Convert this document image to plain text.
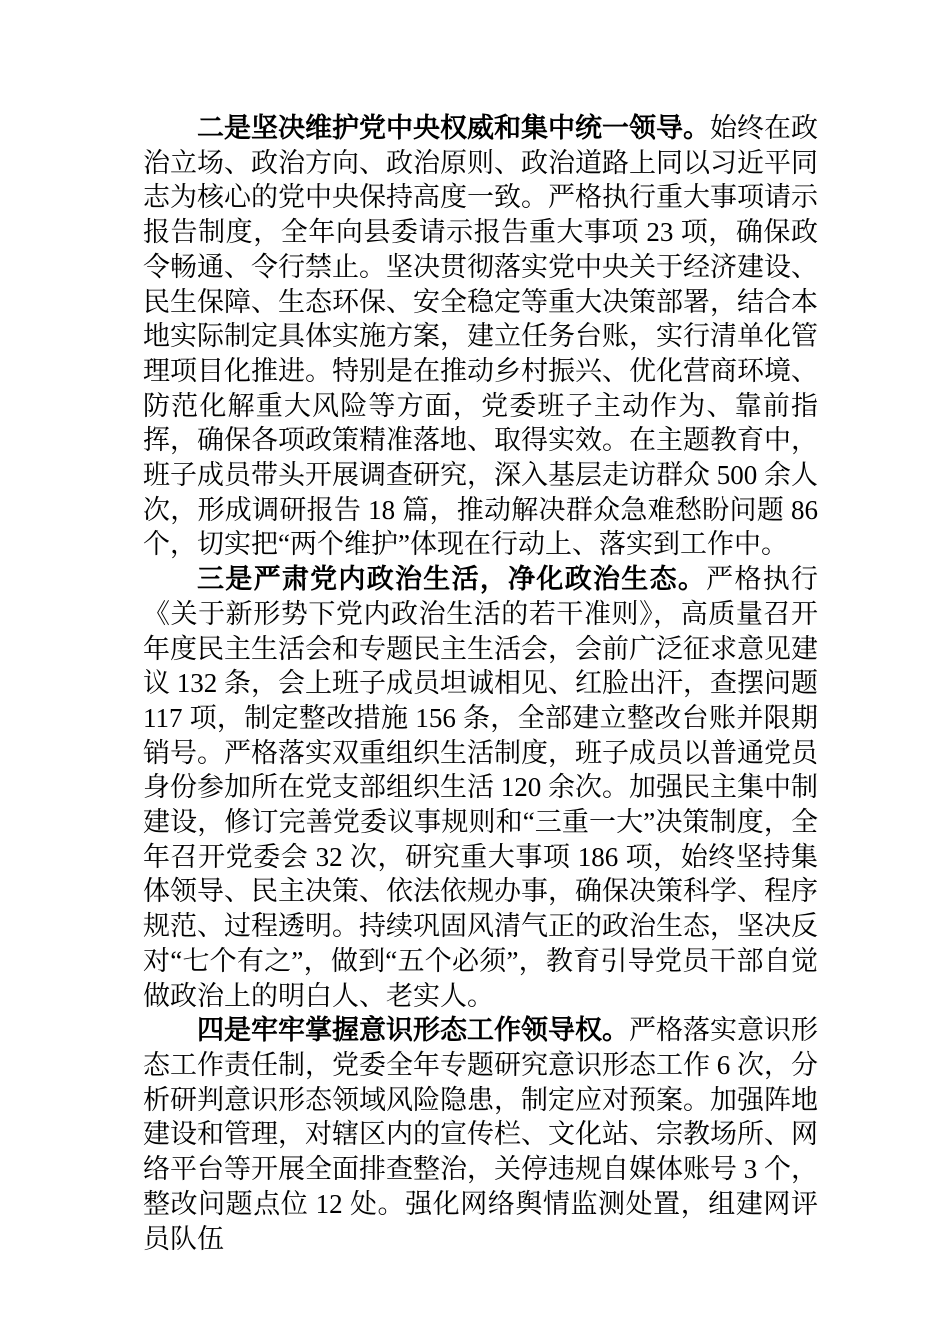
二是坚决维护党中央权威和集中统一领导。始终在政治立场、政治方向、政治原则、政治道路上同以习近平同志为核心的党中央保持高度一致。严格执行重大事项请示报告制度，全年向县委请示报告重大事项 23 项，确保政令畅通、令行禁止。坚决贯彻落实党中央关于经济建设、民生保障、生态环保、安全稳定等重大决策部署，结合本地实际制定具体实施方案，建立任务台账，实行清单化管理项目化推进。特别是在推动乡村振兴、优化营商环境、防范化解重大风险等方面，党委班子主动作为、靠前指挥，确保各项政策精准落地、取得实效。在主题教育中，班子成员带头开展调查研究，深入基层走访群众 500 余人次，形成调研报告 18 篇，推动解决群众急难愁盼问题 86 个，切实把“两个维护”体现在行动上、落实到工作中。

三是严肃党内政治生活，净化政治生态。严格执行《关于新形势下党内政治生活的若干准则》，高质量召开年度民主生活会和专题民主生活会，会前广泛征求意见建议 132 条，会上班子成员坦诚相见、红脸出汗，查摆问题 117 项，制定整改措施 156 条，全部建立整改台账并限期销号。严格落实双重组织生活制度，班子成员以普通党员身份参加所在党支部组织生活 120 余次。加强民主集中制建设，修订完善党委议事规则和“三重一大”决策制度，全年召开党委会 32 次，研究重大事项 186 项，始终坚持集体领导、民主决策、依法依规办事，确保决策科学、程序规范、过程透明。持续巩固风清气正的政治生态，坚决反对“七个有之”，做到“五个必须”，教育引导党员干部自觉做政治上的明白人、老实人。

四是牢牢掌握意识形态工作领导权。严格落实意识形态工作责任制，党委全年专题研究意识形态工作 6 次，分析研判意识形态领域风险隐患，制定应对预案。加强阵地建设和管理，对辖区内的宣传栏、文化站、宗教场所、网络平台等开展全面排查整治，关停违规自媒体账号 3 个，整改问题点位 12 处。强化网络舆情监测处置，组建网评员队伍
